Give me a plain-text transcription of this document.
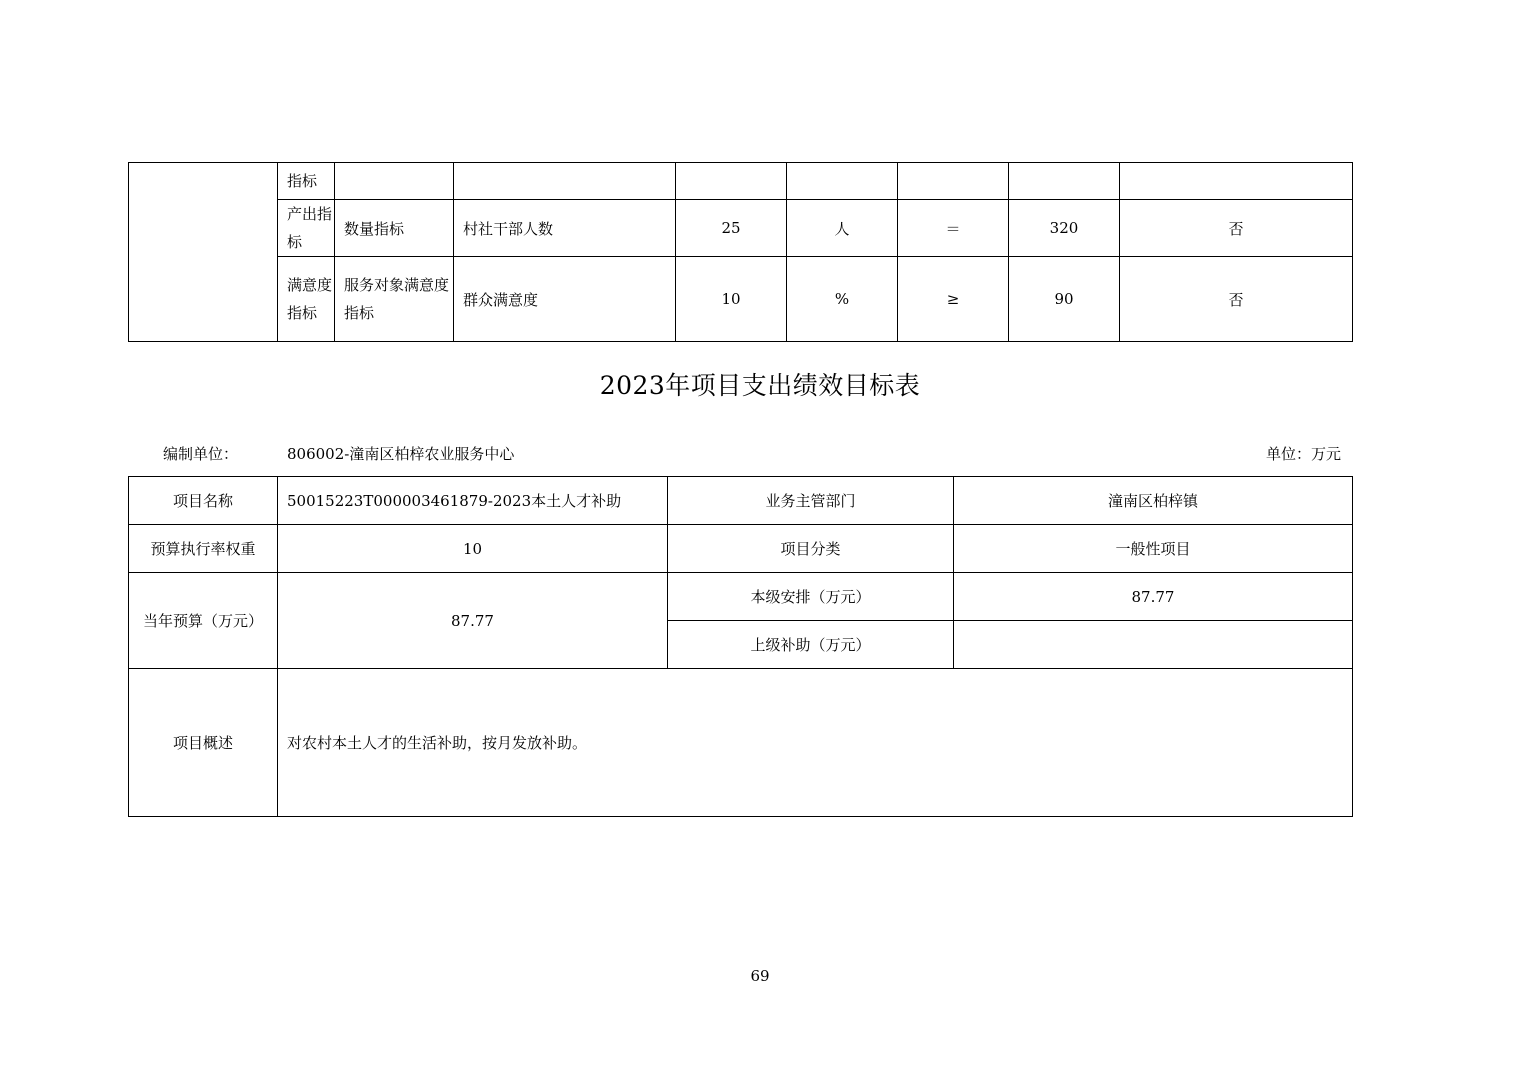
	指标							
	产出指标	数量指标	村社干部人数	25	人	＝	320	否
	满意度指标	服务对象满意度指标	群众满意度	10	%	≥	90	否
2023年项目支出绩效目标表
编制单位：	806002-潼南区柏梓农业服务中心	单位：万元
项目名称	50015223T000003461879-2023本土人才补助	业务主管部门	潼南区柏梓镇
预算执行率权重	10	项目分类	一般性项目
当年预算（万元）	87.77	本级安排（万元）	87.77
		上级补助（万元）	
项目概述	对农村本土人才的生活补助，按月发放补助。		
69
